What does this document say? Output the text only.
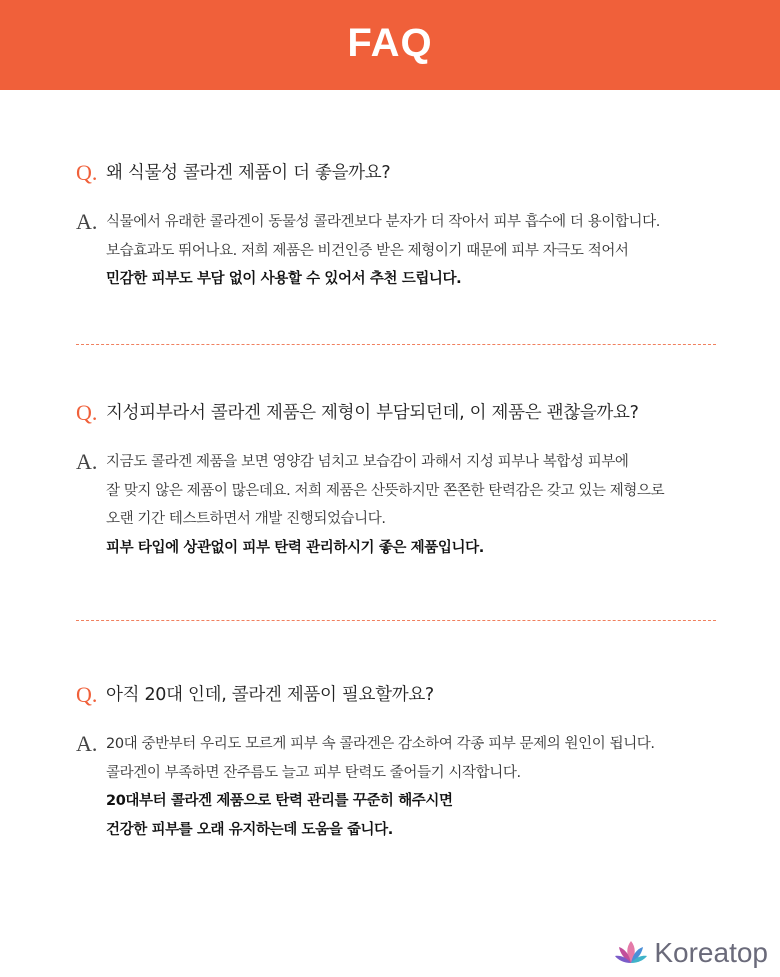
FAQ
Q. 왜 식물성 콜라겐 제품이 더 좋을까요?
A. 식물에서 유래한 콜라겐이 동물성 콜라겐보다 분자가 더 작아서 피부 흡수에 더 용이합니다.
보습효과도 뛰어나요. 저희 제품은 비건인증 받은 제형이기 때문에 피부 자극도 적어서
민감한 피부도 부담 없이 사용할 수 있어서 추천 드립니다.
Q. 지성피부라서 콜라겐 제품은 제형이 부담되던데, 이 제품은 괜찮을까요?
A. 지금도 콜라겐 제품을 보면 영양감 넘치고 보습감이 과해서 지성 피부나 복합성 피부에
잘 맞지 않은 제품이 많은데요. 저희 제품은 산뜻하지만 쫀쫀한 탄력감은 갖고 있는 제형으로
오랜 기간 테스트하면서 개발 진행되었습니다.
피부 타입에 상관없이 피부 탄력 관리하시기 좋은 제품입니다.
Q. 아직 20대 인데, 콜라겐 제품이 필요할까요?
A. 20대 중반부터 우리도 모르게 피부 속 콜라겐은 감소하여 각종 피부 문제의 원인이 됩니다.
콜라겐이 부족하면 잔주름도 늘고 피부 탄력도 줄어들기 시작합니다.
20대부터 콜라겐 제품으로 탄력 관리를 꾸준히 해주시면
건강한 피부를 오래 유지하는데 도움을 줍니다.
Koreatop
